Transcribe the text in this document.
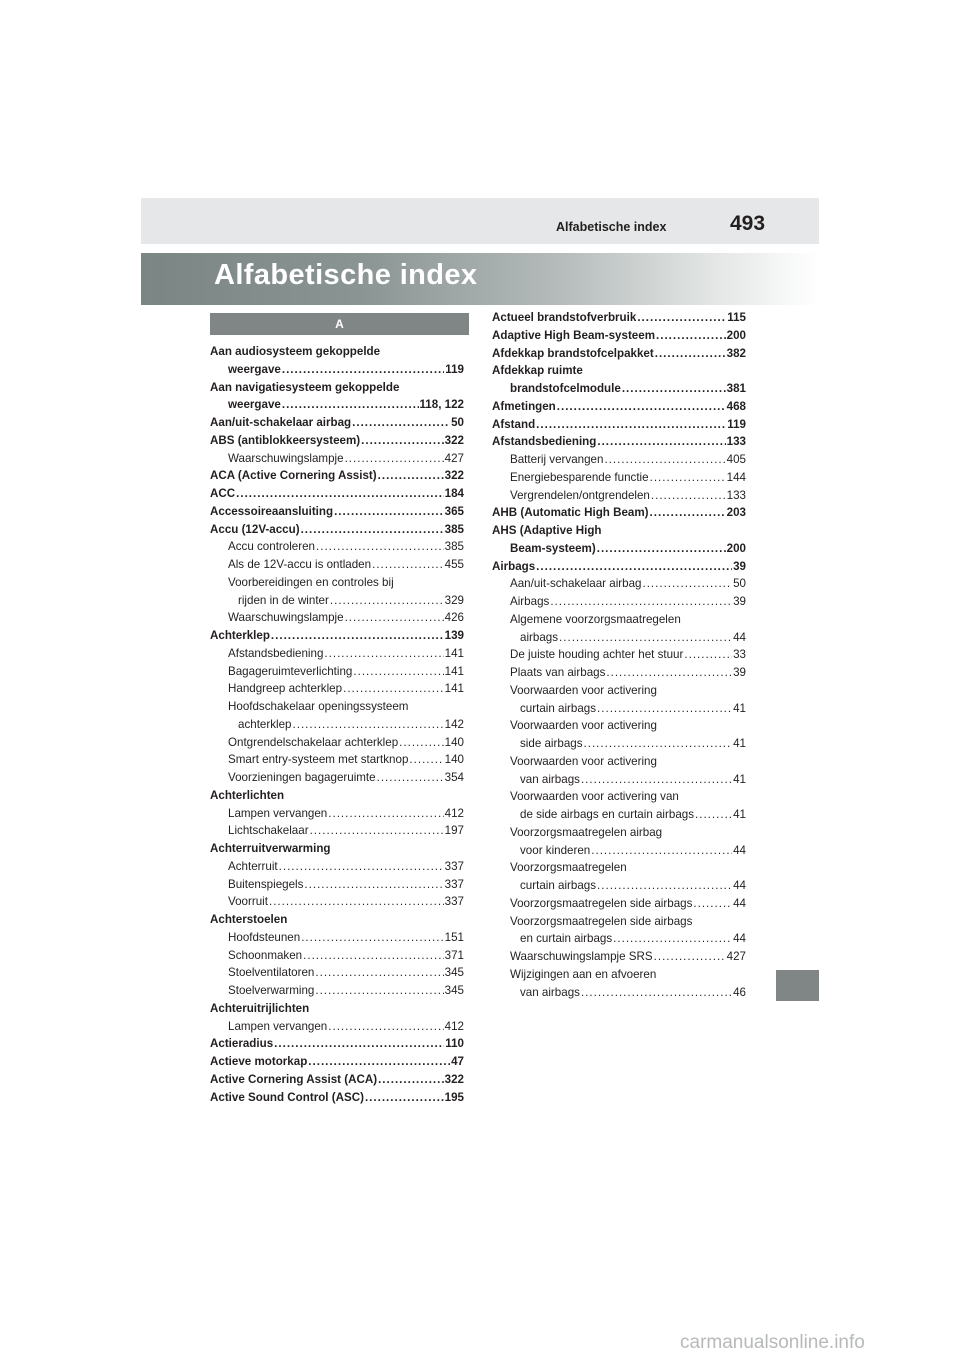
Alfabetische index	493
Alfabetische index
A
Aan audiosysteem gekoppelde
weergave .....	119
Aan navigatiesysteem gekoppelde
weergave .....	118, 122
Aan/uit-schakelaar airbag .....	50
ABS (antiblokkeersysteem) .....	322
Waarschuwingslampje .....	427
ACA (Active Cornering Assist) .....	322
ACC .....	184
Accessoireaansluiting .....	365
Accu (12V-accu) .....	385
Accu controleren .....	385
Als de 12V-accu is ontladen .....	455
Voorbereidingen en controles bij
rijden in de winter .....	329
Waarschuwingslampje .....	426
Achterklep .....	139
Afstandsbediening .....	141
Bagageruimteverlichting .....	141
Handgreep achterklep .....	141
Hoofdschakelaar openingssysteem
achterklep .....	142
Ontgrendelschakelaar achterklep .....	140
Smart entry-systeem met startknop .....	140
Voorzieningen bagageruimte .....	354
Achterlichten
Lampen vervangen .....	412
Lichtschakelaar .....	197
Achterruitverwarming
Achterruit .....	337
Buitenspiegels .....	337
Voorruit .....	337
Achterstoelen
Hoofdsteunen .....	151
Schoonmaken .....	371
Stoelventilatoren .....	345
Stoelverwarming .....	345
Achteruitrijlichten
Lampen vervangen .....	412
Actieradius .....	110
Actieve motorkap .....	47
Active Cornering Assist (ACA) .....	322
Active Sound Control (ASC) .....	195
Actueel brandstofverbruik .....	115
Adaptive High Beam-systeem .....	200
Afdekkap brandstofcelpakket .....	382
Afdekkap ruimte
brandstofcelmodule .....	381
Afmetingen .....	468
Afstand .....	119
Afstandsbediening .....	133
Batterij vervangen .....	405
Energiebesparende functie .....	144
Vergrendelen/ontgrendelen .....	133
AHB (Automatic High Beam) .....	203
AHS (Adaptive High
Beam-systeem) .....	200
Airbags .....	39
Aan/uit-schakelaar airbag .....	50
Airbags .....	39
Algemene voorzorgsmaatregelen
airbags .....	44
De juiste houding achter het stuur .....	33
Plaats van airbags .....	39
Voorwaarden voor activering
curtain airbags .....	41
Voorwaarden voor activering
side airbags .....	41
Voorwaarden voor activering
van airbags .....	41
Voorwaarden voor activering van
de side airbags en curtain airbags .....	41
Voorzorgsmaatregelen airbag
voor kinderen .....	44
Voorzorgsmaatregelen
curtain airbags .....	44
Voorzorgsmaatregelen side airbags .....	44
Voorzorgsmaatregelen side airbags
en curtain airbags .....	44
Waarschuwingslampje SRS .....	427
Wijzigingen aan en afvoeren
van airbags .....	46
carmanualsonline.info
